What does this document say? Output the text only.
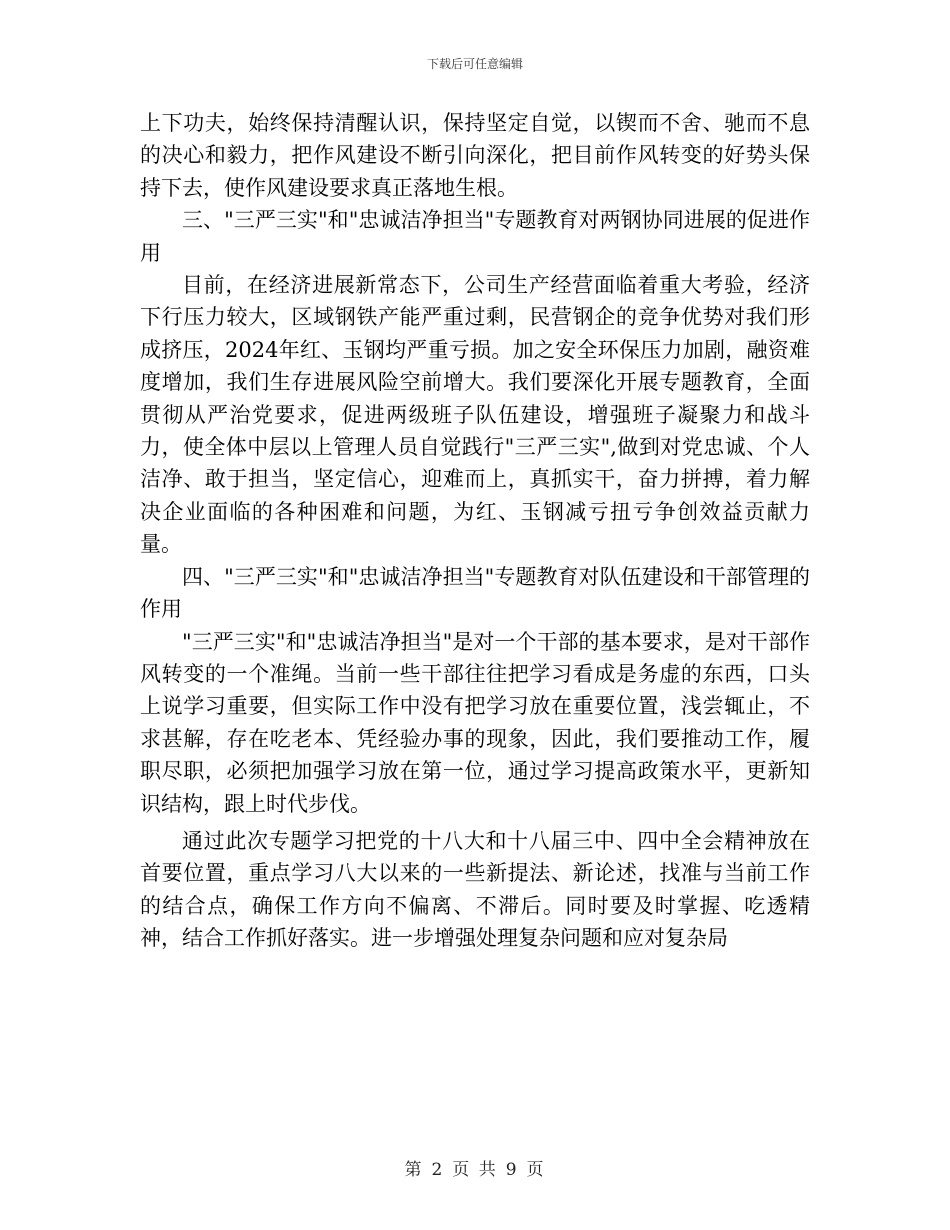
下载后可任意编辑

上下功夫，始终保持清醒认识，保持坚定自觉，以锲而不舍、驰而不息的决心和毅力，把作风建设不断引向深化，把目前作风转变的好势头保持下去，使作风建设要求真正落地生根。

三、"三严三实"和"忠诚洁净担当"专题教育对两钢协同进展的促进作用

目前，在经济进展新常态下，公司生产经营面临着重大考验，经济下行压力较大，区域钢铁产能严重过剩，民营钢企的竞争优势对我们形成挤压，2024年红、玉钢均严重亏损。加之安全环保压力加剧，融资难度增加，我们生存进展风险空前增大。我们要深化开展专题教育，全面贯彻从严治党要求，促进两级班子队伍建设，增强班子凝聚力和战斗力，使全体中层以上管理人员自觉践行"三严三实",做到对党忠诚、个人洁净、敢于担当，坚定信心，迎难而上，真抓实干，奋力拼搏，着力解决企业面临的各种困难和问题，为红、玉钢减亏扭亏争创效益贡献力量。

四、"三严三实"和"忠诚洁净担当"专题教育对队伍建设和干部管理的作用

"三严三实"和"忠诚洁净担当"是对一个干部的基本要求，是对干部作风转变的一个准绳。当前一些干部往往把学习看成是务虚的东西，口头上说学习重要，但实际工作中没有把学习放在重要位置，浅尝辄止，不求甚解，存在吃老本、凭经验办事的现象，因此，我们要推动工作，履职尽职，必须把加强学习放在第一位，通过学习提高政策水平，更新知识结构，跟上时代步伐。

通过此次专题学习把党的十八大和十八届三中、四中全会精神放在首要位置，重点学习八大以来的一些新提法、新论述，找准与当前工作的结合点，确保工作方向不偏离、不滞后。同时要及时掌握、吃透精神，结合工作抓好落实。进一步增强处理复杂问题和应对复杂局

第 2 页 共 9 页
